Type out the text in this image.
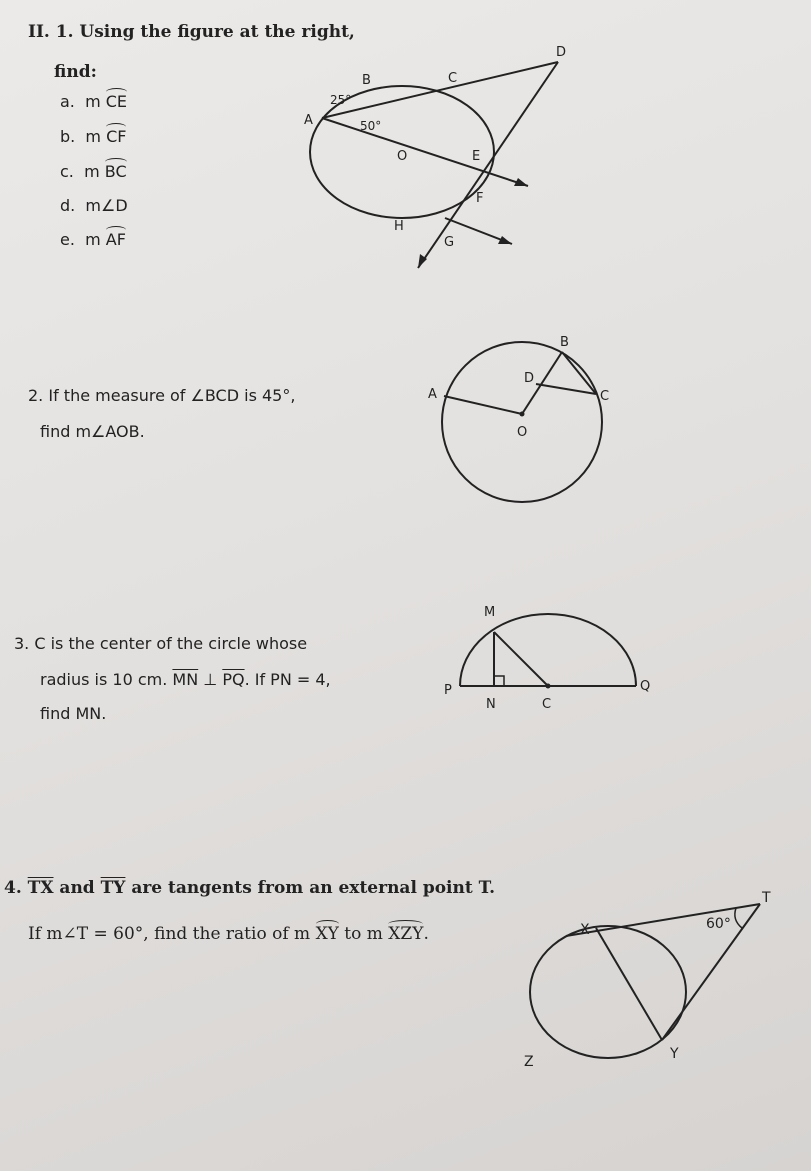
II. 1. Using the figure at the right,
find:
a. m CE
b. m CF
c. m BC
d. m∠D
e. m AF
D
B	C
A
O	E
F
H
G
25°
50°
2. If the measure of ∠BCD is 45°,
find m∠AOB.
B
D
A	C
O
3. C is the center of the circle whose
radius is 10 cm. $\overline{MN}$ ⊥ $\overline{PQ}$. If PN = 4,
find MN.
M
P
N	C
Q
4. $\overline{TX}$ and $\overline{TY}$ are tangents from an external point T.
If m∠T = 60°, find the ratio of m XY to m XZY.
T
X
Z	Y
60°
